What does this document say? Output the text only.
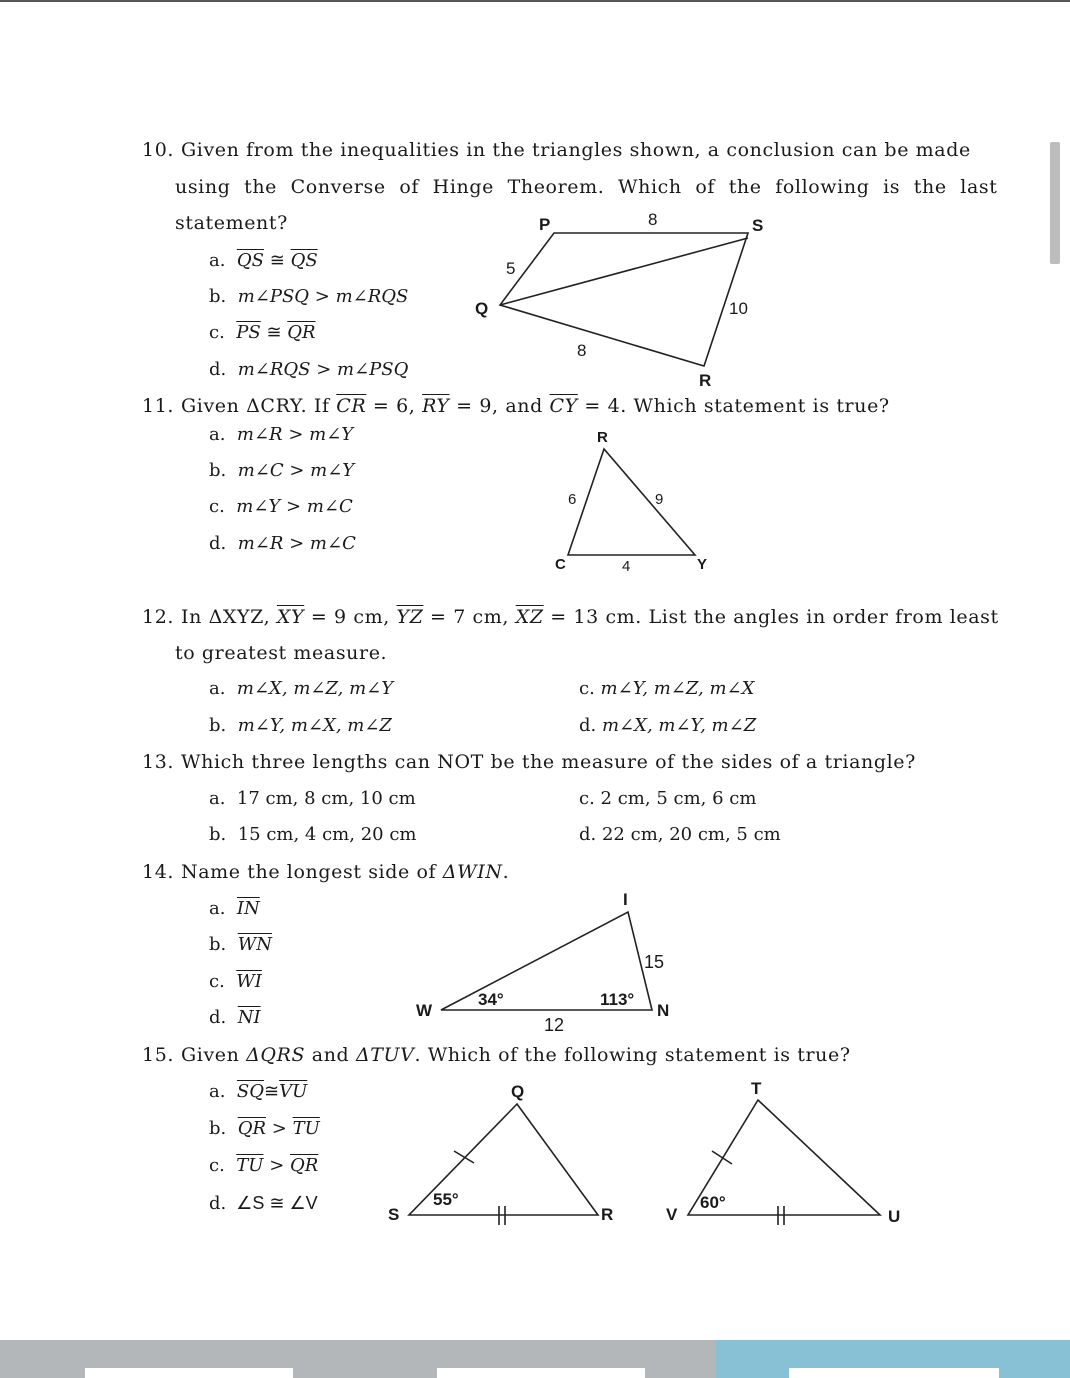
10. Given from the inequalities in the triangles shown, a conclusion can be made
using the Converse of Hinge Theorem. Which of the following is the last
statement?
a. $\overline{QS}$ ≅ $\overline{QS}$
b. m∠PSQ > m∠RQS
c. $\overline{PS}$ ≅ $\overline{QR}$
d. m∠RQS > m∠PSQ
P	S
Q
R
8
5
10
8
11. Given ΔCRY. If $\overline{CR} = 6$, $\overline{RY} = 9$, and $\overline{CY} = 4$. Which statement is true?
a. m∠R > m∠Y
b. m∠C > m∠Y
c. m∠Y > m∠C
d. m∠R > m∠C
R
C	Y
6	9
4
12. In ΔXYZ, $\overline{XY} = 9$ cm, $\overline{YZ} = 7$ cm, $\overline{XZ} = 13$ cm. List the angles in order from least
to greatest measure.
a. m∠X, m∠Z, m∠Y
b. m∠Y, m∠X, m∠Z
c. m∠Y, m∠Z, m∠X
d. m∠X, m∠Y, m∠Z
13. Which three lengths can NOT be the measure of the sides of a triangle?
a. 17 cm, 8 cm, 10 cm
b. 15 cm, 4 cm, 20 cm
c. 2 cm, 5 cm, 6 cm
d. 22 cm, 20 cm, 5 cm
14. Name the longest side of ΔWIN.
a. $\overline{IN}$
b. $\overline{WN}$
c. $\overline{WI}$
d. $\overline{NI}$
I
W	N
15
12
34°	113°
15. Given ΔQRS and ΔTUV. Which of the following statement is true?
a. $\overline{SQ}≅\overline{VU}$
b. $\overline{QR} > \overline{TU}$
c. $\overline{TU} > \overline{QR}$
d. ∠S ≅ ∠V
Q
S	R
T
V	U
55°	60°
